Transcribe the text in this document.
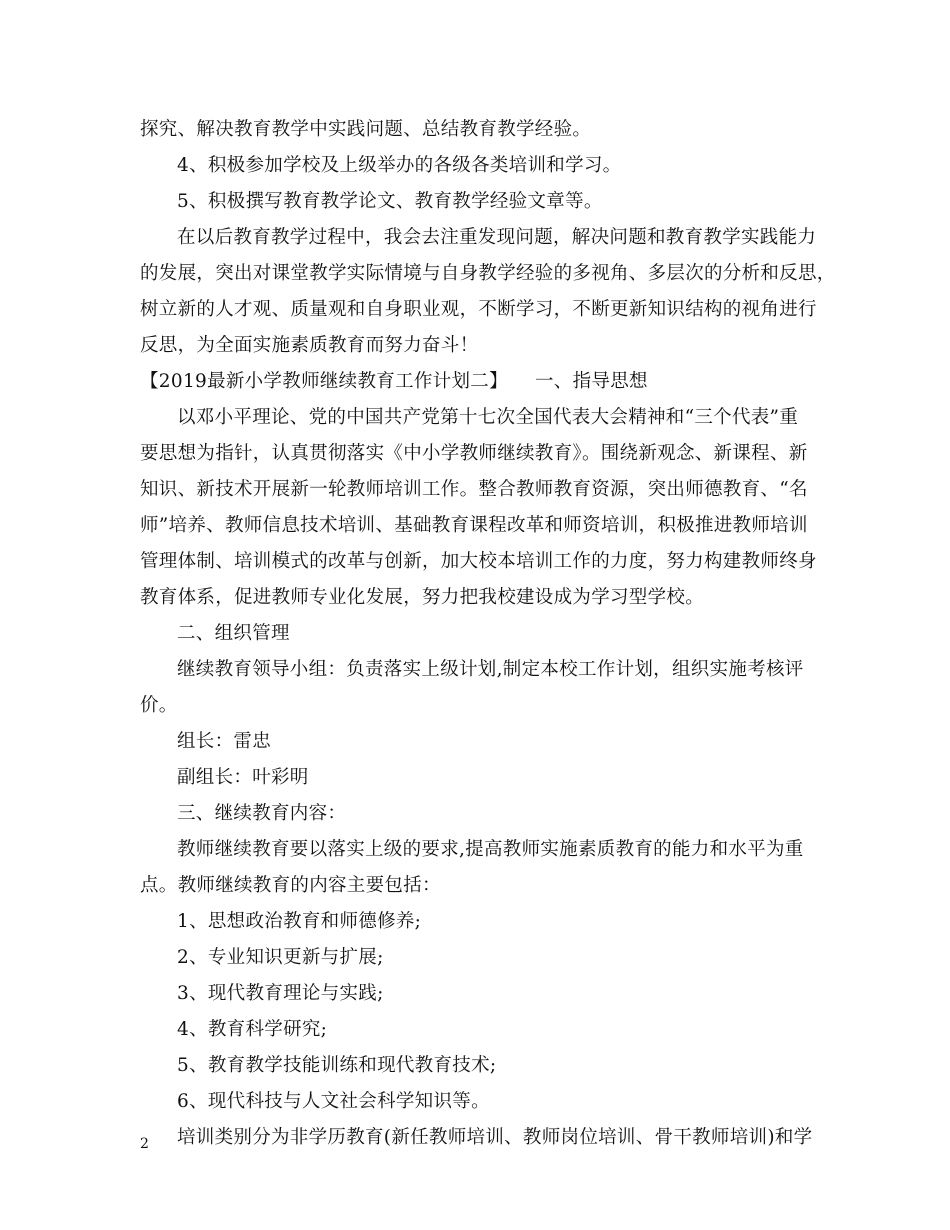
探究、解决教育教学中实践问题、总结教育教学经验。
4、积极参加学校及上级举办的各级各类培训和学习。
5、积极撰写教育教学论文、教育教学经验文章等。
在以后教育教学过程中，我会去注重发现问题，解决问题和教育教学实践能力
的发展，突出对课堂教学实际情境与自身教学经验的多视角、多层次的分析和反思，
树立新的人才观、质量观和自身职业观，不断学习，不断更新知识结构的视角进行
反思，为全面实施素质教育而努力奋斗！
【2019最新小学教师继续教育工作计划二】	一、指导思想
以邓小平理论、党的中国共产党第十七次全国代表大会精神和“三个代表”重
要思想为指针，认真贯彻落实《中小学教师继续教育》。围绕新观念、新课程、新
知识、新技术开展新一轮教师培训工作。整合教师教育资源，突出师德教育、“名
师”培养、教师信息技术培训、基础教育课程改革和师资培训，积极推进教师培训
管理体制、培训模式的改革与创新，加大校本培训工作的力度，努力构建教师终身
教育体系，促进教师专业化发展，努力把我校建设成为学习型学校。
二、组织管理
继续教育领导小组：负责落实上级计划,制定本校工作计划，组织实施考核评
价。
组长：雷忠
副组长：叶彩明
三、继续教育内容：
教师继续教育要以落实上级的要求,提高教师实施素质教育的能力和水平为重
点。教师继续教育的内容主要包括：
1、思想政治教育和师德修养;
2、专业知识更新与扩展;
3、现代教育理论与实践;
4、教育科学研究;
5、教育教学技能训练和现代教育技术;
6、现代科技与人文社会科学知识等。
培训类别分为非学历教育(新任教师培训、教师岗位培训、骨干教师培训)和学
2
